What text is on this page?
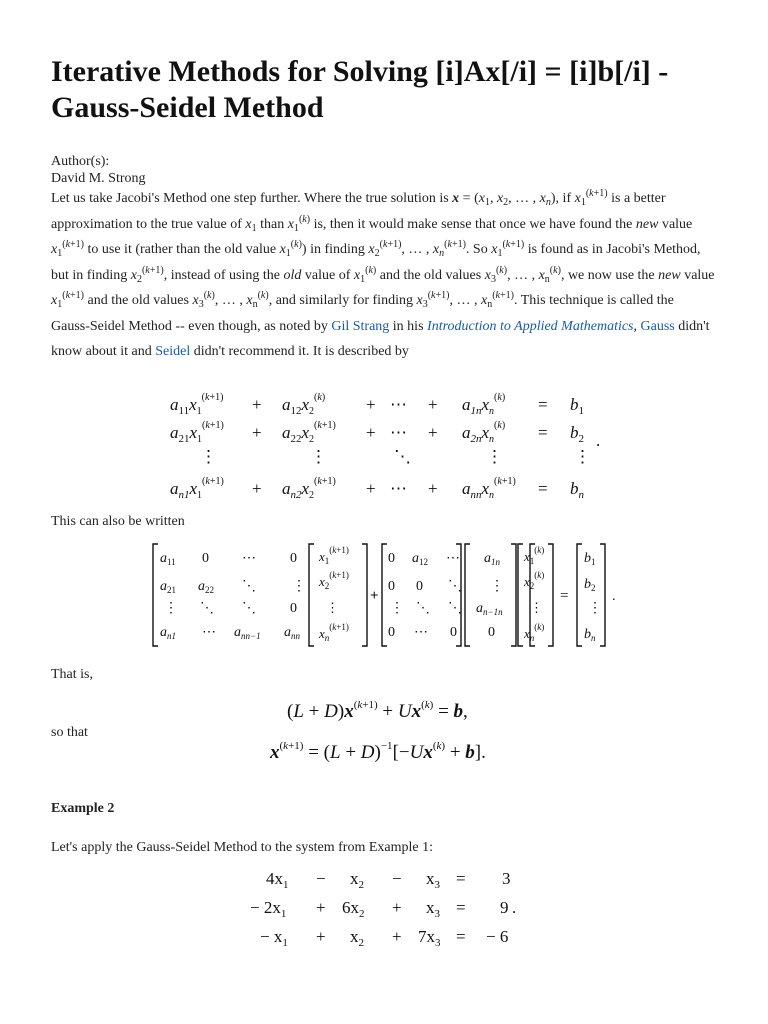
Iterative Methods for Solving [i]Ax[/i] = [i]b[/i] - Gauss-Seidel Method
Author(s):
David M. Strong
Let us take Jacobi's Method one step further. Where the true solution is $x = (x_1$, $x_2$, … , $x_n$), if $x_1^{(k+1)}$ is a better approximation to the true value of $x_1$ than $x_1^{(k)}$ is, then it would make sense that once we have found the new value $x_1^{(k+1)}$ to use it (rather than the old value $x_1^{(k)}$) in finding $x_2^{(k+1)}$, … , $x_n^{(k+1)}$. So $x_1^{(k+1)}$ is found as in Jacobi's Method, but in finding $x_2^{(k+1)}$, instead of using the old value of $x_1^{(k)}$ and the old values $x_3^{(k)}$, … , $x_n^{(k)}$, we now use the new value $x_1^{(k+1)}$ and the old values $x_3^{(k)}$, … , $x_n^{(k)}$, and similarly for finding $x_3^{(k+1)}$, … , $x_n^{(k+1)}$. This technique is called the Gauss-Seidel Method -- even though, as noted by Gil Strang in his Introduction to Applied Mathematics, Gauss didn't know about it and Seidel didn't recommend it. It is described by
$a_{11}x_1^(k+1) + a_{12}x_2^(k$) + ⋯ + $a_{1n}x_n^(k) = b_1$
$a_{21}x_1^(k+1) + a_{22}x_2^(k+1$) + ⋯ + $a_{2n}x_n^(k) = b_2$ .
⋮	⋮	⋱	⋮	⋮
$a_{n1}x_1^(k+1) + a_{n2}x_2^(k+1$) + ⋯ + $a_{nn}x_n^(k+1) = b_n$
This can also be written
$a_{11}$ 0 ⋯ 0
$a_{21}$ $a_{22}$ ⋱	⋮
⋮ ⋱ ⋱ 0
$a_{n1}$ ⋯ $a_{nn-1}$ $a_{nn}$
$x_1^(k+1$)
$x_2^(k+1$)
⋮
$x_n^(k+1$)
+
0 $a_{12}$ ⋯ $a_{1n}$
0 0 ⋱ ⋮
⋮ ⋱ ⋱ $a_{n-1n}$
0 ⋯ 0 0
$x_1^(k$)
$x_2^(k$)
⋮
$x_n^(k$)
=
$b_1$
$b_2$
⋮
$b_n$
.
That is,
(L + D)x(k+1) + Ux(k) = b,
so that
$x^(k+1) = (L + D)^{-1}[-Ux^(k) + b$].
Example 2
Let's apply the Gauss-Seidel Method to the system from Example 1:
$4x_1 - x_2 - x_3 = 3$
− $2x_1 + 6x_2 + x_3 = 9$ .
− $x_1 + x_2 + 7x_3$ = − 6
